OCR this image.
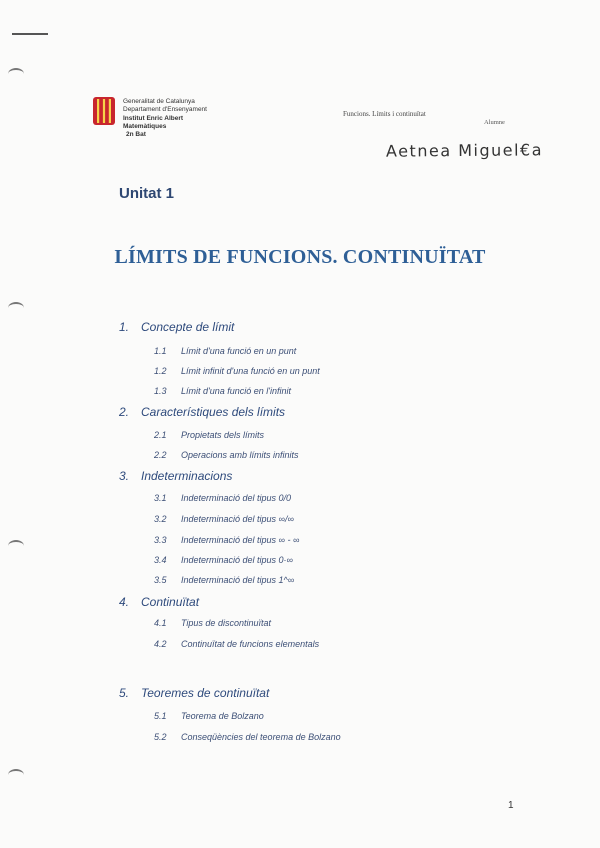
Generalitat de Catalunya
Departament d'Ensenyament
Institut Enric Albert
Matemàtiques
2n Bat
Funcions. Límits i continuïtat
Alumne
Aetnea Miguel€a
Unitat 1
LÍMITS DE FUNCIONS. CONTINUÏTAT
1. Concepte de límit
1.1 Límit d'una funció en un punt
1.2 Límit infinit d'una funció en un punt
1.3 Límit d'una funció en l'infinit
2. Característiques dels límits
2.1 Propietats dels límits
2.2 Operacions amb límits infinits
3. Indeterminacions
3.1 Indeterminació del tipus 0/0
3.2 Indeterminació del tipus ∞/∞
3.3 Indeterminació del tipus ∞ - ∞
3.4 Indeterminació del tipus 0·∞
3.5 Indeterminació del tipus 1^∞
4. Continuïtat
4.1 Tipus de discontinuïtat
4.2 Continuïtat de funcions elementals
5. Teoremes de continuïtat
5.1 Teorema de Bolzano
5.2 Conseqüències del teorema de Bolzano
1
